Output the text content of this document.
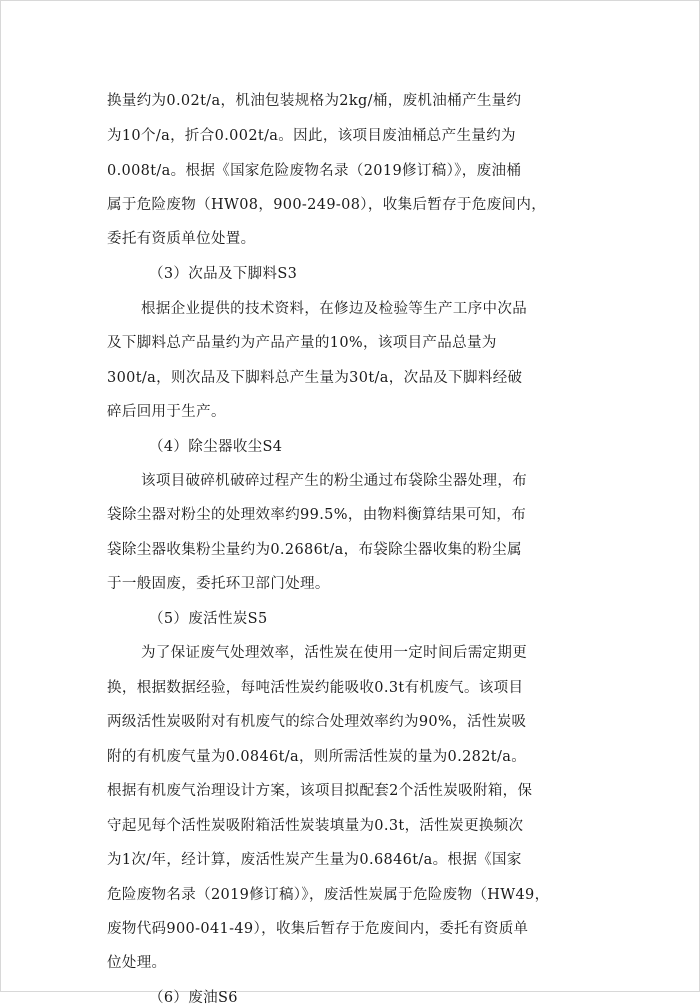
换量约为0.02t/a，机油包装规格为2kg/桶，废机油桶产生量约
为10个/a，折合0.002t/a。因此，该项目废油桶总产生量约为
0.008t/a。根据《国家危险废物名录（2019修订稿）》，废油桶
属于危险废物（HW08，900-249-08），收集后暂存于危废间内，
委托有资质单位处置。
（3）次品及下脚料S3
根据企业提供的技术资料，在修边及检验等生产工序中次品
及下脚料总产品量约为产品产量的10%，该项目产品总量为
300t/a，则次品及下脚料总产生量为30t/a，次品及下脚料经破
碎后回用于生产。
（4）除尘器收尘S4
该项目破碎机破碎过程产生的粉尘通过布袋除尘器处理，布
袋除尘器对粉尘的处理效率约99.5%，由物料衡算结果可知，布
袋除尘器收集粉尘量约为0.2686t/a，布袋除尘器收集的粉尘属
于一般固废，委托环卫部门处理。
（5）废活性炭S5
为了保证废气处理效率，活性炭在使用一定时间后需定期更
换，根据数据经验，每吨活性炭约能吸收0.3t有机废气。该项目
两级活性炭吸附对有机废气的综合处理效率约为90%，活性炭吸
附的有机废气量为0.0846t/a，则所需活性炭的量为0.282t/a。
根据有机废气治理设计方案，该项目拟配套2个活性炭吸附箱，保
守起见每个活性炭吸附箱活性炭装填量为0.3t，活性炭更换频次
为1次/年，经计算，废活性炭产生量为0.6846t/a。根据《国家
危险废物名录（2019修订稿）》，废活性炭属于危险废物（HW49，
废物代码900-041-49），收集后暂存于危废间内，委托有资质单
位处理。
（6）废油S6
